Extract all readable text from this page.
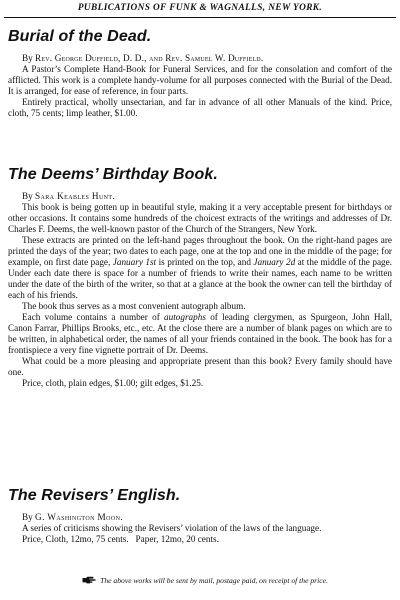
PUBLICATIONS OF FUNK & WAGNALLS, NEW YORK.
Burial of the Dead.

By Rev. George Duffield, D. D., and Rev. Samuel W. Duffield.

A Pastor’s Complete Hand-Book for Funeral Services, and for the consolation and comfort of the afflicted. This work is a complete handy-volume for all purposes connected with the Burial of the Dead. It is arranged, for ease of reference, in four parts.

Entirely practical, wholly unsectarian, and far in advance of all other Manuals of the kind. Price, cloth, 75 cents; limp leather, $1.00.

The Deems’ Birthday Book.

By Sara Keables Hunt.

This book is being gotten up in beautiful style, making it a very acceptable present for birthdays or other occasions. It contains some hundreds of the choicest extracts of the writings and addresses of Dr. Charles F. Deems, the well-known pastor of the Church of the Strangers, New York.

These extracts are printed on the left-hand pages throughout the book. On the right-hand pages are printed the days of the year; two dates to each page, one at the top and one in the middle of the page; for example, on first date page, January 1st is printed on the top, and January 2d at the middle of the page. Under each date there is space for a number of friends to write their names, each name to be written under the date of the birth of the writer, so that at a glance at the book the owner can tell the birthday of each of his friends.

The book thus serves as a most convenient autograph album.

Each volume contains a number of autographs of leading clergymen, as Spurgeon, John Hall, Canon Farrar, Phillips Brooks, etc., etc. At the close there are a number of blank pages on which are to be written, in alphabetical order, the names of all your friends contained in the book. The book has for a frontispiece a very fine vignette portrait of Dr. Deems.

What could be a more pleasing and appropriate present than this book? Every family should have one.

Price, cloth, plain edges, $1.00; gilt edges, $1.25.

The Revisers’ English.

By G. Washington Moon.

A series of criticisms showing the Revisers’ violation of the laws of the language.

Price, Cloth, 12mo, 75 cents.   Paper, 12mo, 20 cents.

The above works will be sent by mail, postage paid, on receipt of the price.
